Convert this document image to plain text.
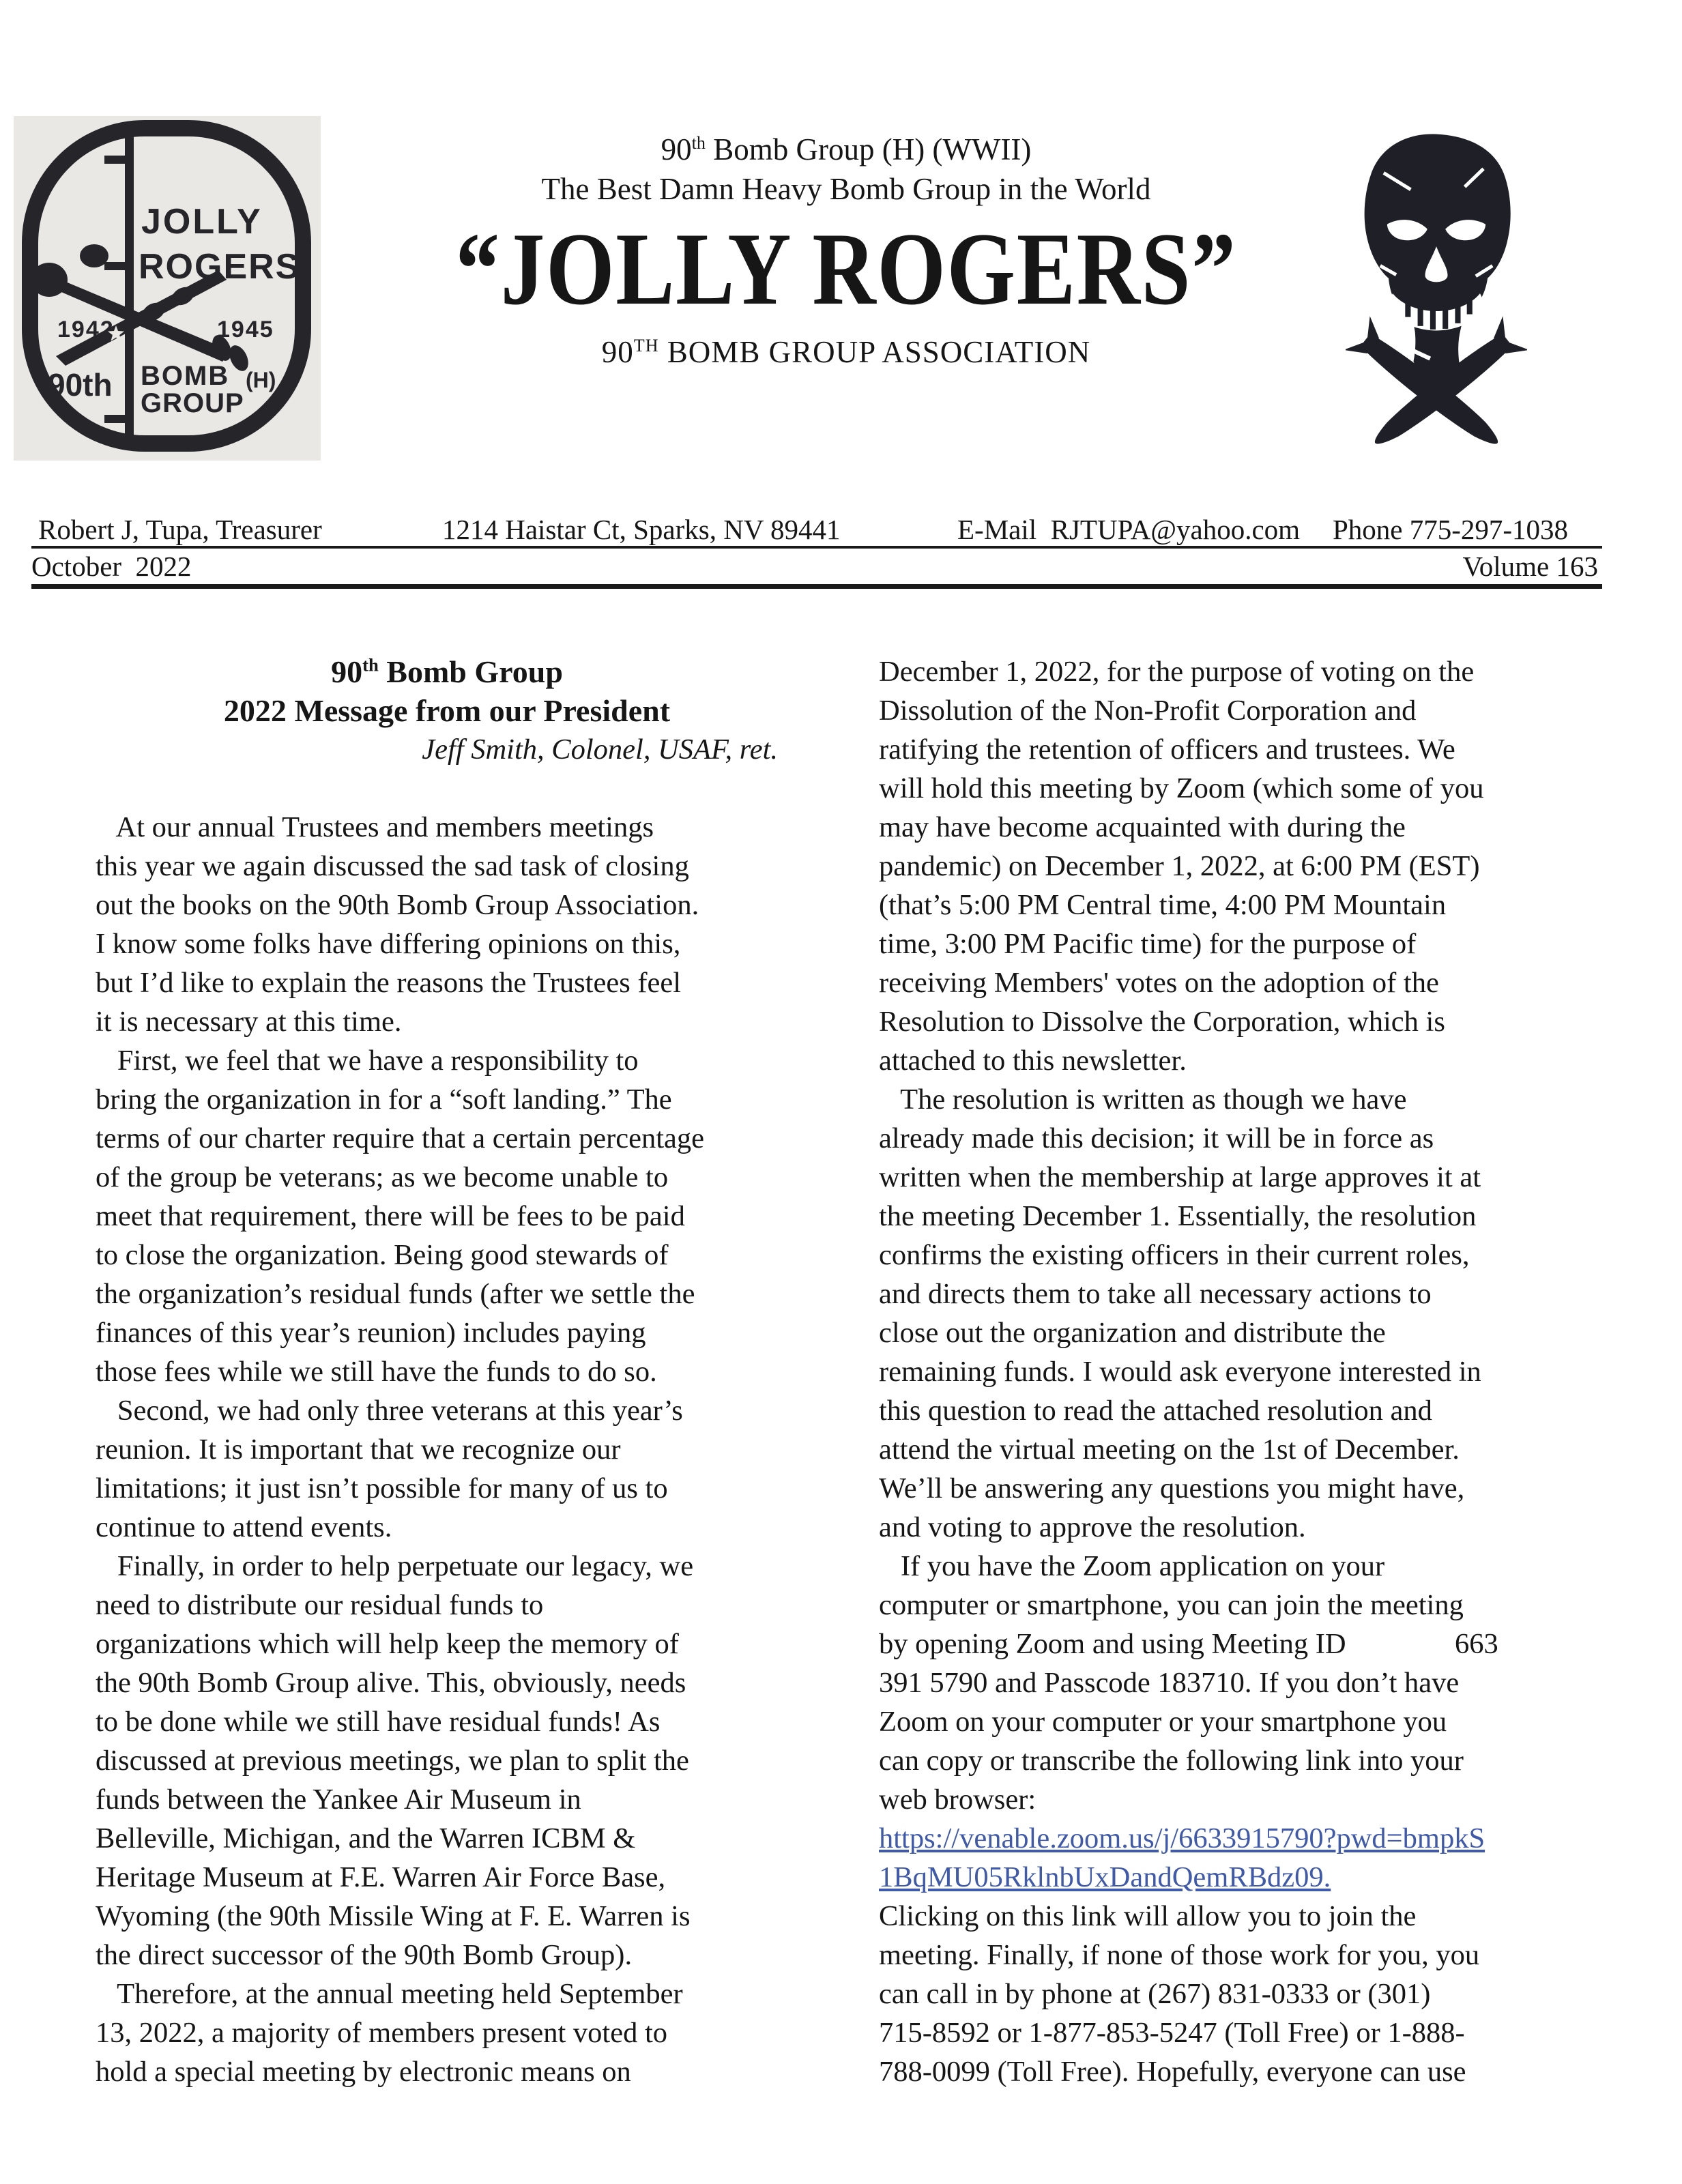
JOLLY
ROGERS
1942	1945
90th BOMB
GROUP
(H)
90th Bomb Group (H) (WWII)
The Best Damn Heavy Bomb Group in the World
“JOLLY ROGERS”
90TH BOMB GROUP ASSOCIATION

Robert J, Tupa, Treasurer

	1214 Haistar Ct, Sparks, NV 89441

	E-Mail  RJTUPA@yahoo.com

Phone 775-297-1038

October  2022

	Volume 163

90th Bomb Group
2022 Message from our President
Jeff Smith, Colonel, USAF, ret.

At our annual Trustees and members meetings
this year we again discussed the sad task of closing
out the books on the 90th Bomb Group Association.
I know some folks have differing opinions on this,
but I’d like to explain the reasons the Trustees feel
it is necessary at this time.
First, we feel that we have a responsibility to
bring the organization in for a “soft landing.” The
terms of our charter require that a certain percentage
of the group be veterans; as we become unable to
meet that requirement, there will be fees to be paid
to close the organization. Being good stewards of
the organization’s residual funds (after we settle the
finances of this year’s reunion) includes paying
those fees while we still have the funds to do so.
Second, we had only three veterans at this year’s
reunion. It is important that we recognize our
limitations; it just isn’t possible for many of us to
continue to attend events.
Finally, in order to help perpetuate our legacy, we
need to distribute our residual funds to
organizations which will help keep the memory of
the 90th Bomb Group alive. This, obviously, needs
to be done while we still have residual funds! As
discussed at previous meetings, we plan to split the
funds between the Yankee Air Museum in
Belleville, Michigan, and the Warren ICBM &
Heritage Museum at F.E. Warren Air Force Base,
Wyoming (the 90th Missile Wing at F. E. Warren is
the direct successor of the 90th Bomb Group).
Therefore, at the annual meeting held September
13, 2022, a majority of members present voted to
hold a special meeting by electronic means on
December 1, 2022, for the purpose of voting on the
Dissolution of the Non-Profit Corporation and
ratifying the retention of officers and trustees. We
will hold this meeting by Zoom (which some of you
may have become acquainted with during the
pandemic) on December 1, 2022, at 6:00 PM (EST)
(that’s 5:00 PM Central time, 4:00 PM Mountain
time, 3:00 PM Pacific time) for the purpose of
receiving Members' votes on the adoption of the
Resolution to Dissolve the Corporation, which is
attached to this newsletter.
The resolution is written as though we have
already made this decision; it will be in force as
written when the membership at large approves it at
the meeting December 1. Essentially, the resolution
confirms the existing officers in their current roles,
and directs them to take all necessary actions to
close out the organization and distribute the
remaining funds. I would ask everyone interested in
this question to read the attached resolution and
attend the virtual meeting on the 1st of December.
We’ll be answering any questions you might have,
and voting to approve the resolution.
If you have the Zoom application on your
computer or smartphone, you can join the meeting
by opening Zoom and using Meeting ID               663
391 5790 and Passcode 183710. If you don’t have
Zoom on your computer or your smartphone you
can copy or transcribe the following link into your
web browser:
https://venable.zoom.us/j/6633915790?pwd=bmpkS
1BqMU05RklnbUxDandQemRBdz09.
Clicking on this link will allow you to join the
meeting. Finally, if none of those work for you, you
can call in by phone at (267) 831-0333 or (301)
715-8592 or 1-877-853-5247 (Toll Free) or 1-888-
788-0099 (Toll Free). Hopefully, everyone can use
